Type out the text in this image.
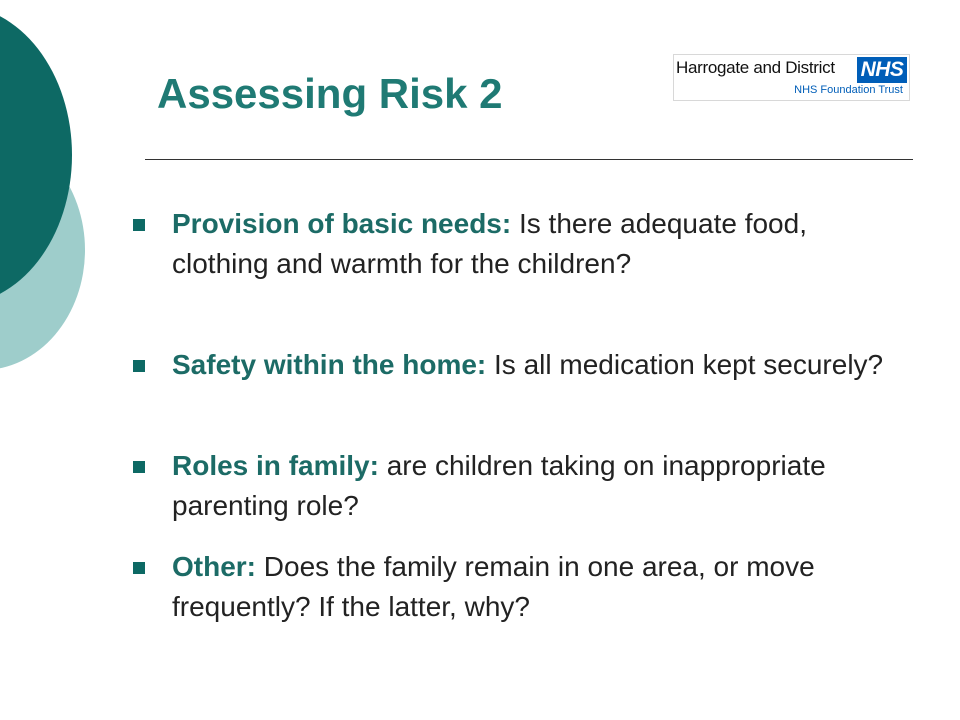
Assessing Risk 2
Harrogate and District NHS
NHS Foundation Trust
Provision of basic needs: Is there adequate food, clothing and warmth for the children?
Safety within the home: Is all medication kept securely?
Roles in family: are children taking on inappropriate parenting role?
Other: Does the family remain in one area, or move frequently? If the latter, why?
